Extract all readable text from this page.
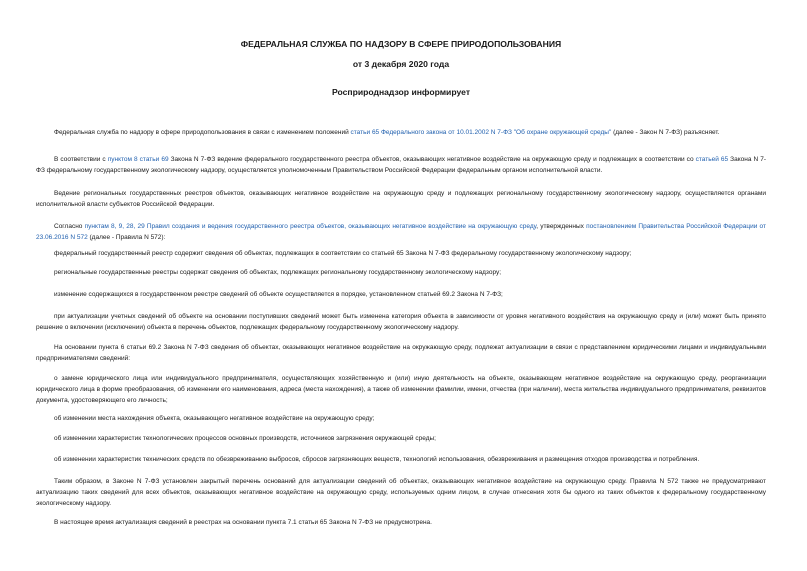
ФЕДЕРАЛЬНАЯ СЛУЖБА ПО НАДЗОРУ В СФЕРЕ ПРИРОДОПОЛЬЗОВАНИЯ
от 3 декабря 2020 года
Росприроднадзор информирует

Федеральная служба по надзору в сфере природопользования в связи с изменением положений статьи 65 Федерального закона от 10.01.2002 N 7-ФЗ "Об охране окружающей среды" (далее - Закон N 7-ФЗ) разъясняет.

В соответствии с пунктом 8 статьи 69 Закона N 7-ФЗ ведение федерального государственного реестра объектов, оказывающих негативное воздействие на окружающую среду и подлежащих в соответствии со статьей 65 Закона N 7-ФЗ федеральному государственному экологическому надзору, осуществляется уполномоченным Правительством Российской Федерации федеральным органом исполнительной власти.

Ведение региональных государственных реестров объектов, оказывающих негативное воздействие на окружающую среду и подлежащих региональному государственному экологическому надзору, осуществляется органами исполнительной власти субъектов Российской Федерации.

Согласно пунктам 8, 9, 28, 29 Правил создания и ведения государственного реестра объектов, оказывающих негативное воздействие на окружающую среду, утвержденных постановлением Правительства Российской Федерации от 23.06.2016 N 572 (далее - Правила N 572):

федеральный государственный реестр содержит сведения об объектах, подлежащих в соответствии со статьей 65 Закона N 7-ФЗ федеральному государственному экологическому надзору;

региональные государственные реестры содержат сведения об объектах, подлежащих региональному государственному экологическому надзору;

изменение содержащихся в государственном реестре сведений об объекте осуществляется в порядке, установленном статьей 69.2 Закона N 7-ФЗ;

при актуализации учетных сведений об объекте на основании поступивших сведений может быть изменена категория объекта в зависимости от уровня негативного воздействия на окружающую среду и (или) может быть принято решение о включении (исключении) объекта в перечень объектов, подлежащих федеральному государственному экологическому надзору.

На основании пункта 6 статьи 69.2 Закона N 7-ФЗ сведения об объектах, оказывающих негативное воздействие на окружающую среду, подлежат актуализации в связи с представлением юридическими лицами и индивидуальными предпринимателями сведений:

о замене юридического лица или индивидуального предпринимателя, осуществляющих хозяйственную и (или) иную деятельность на объекте, оказывающем негативное воздействие на окружающую среду, реорганизации юридического лица в форме преобразования, об изменении его наименования, адреса (места нахождения), а также об изменении фамилии, имени, отчества (при наличии), места жительства индивидуального предпринимателя, реквизитов документа, удостоверяющего его личность;

об изменении места нахождения объекта, оказывающего негативное воздействие на окружающую среду;

об изменении характеристик технологических процессов основных производств, источников загрязнения окружающей среды;

об изменении характеристик технических средств по обезвреживанию выбросов, сбросов загрязняющих веществ, технологий использования, обезвреживания и размещения отходов производства и потребления.

Таким образом, в Законе N 7-ФЗ установлен закрытый перечень оснований для актуализации сведений об объектах, оказывающих негативное воздействие на окружающую среду. Правила N 572 также не предусматривают актуализацию таких сведений для всех объектов, оказывающих негативное воздействие на окружающую среду, используемых одним лицом, в случае отнесения хотя бы одного из таких объектов к федеральному государственному экологическому надзору.

В настоящее время актуализация сведений в реестрах на основании пункта 7.1 статьи 65 Закона N 7-ФЗ не предусмотрена.
